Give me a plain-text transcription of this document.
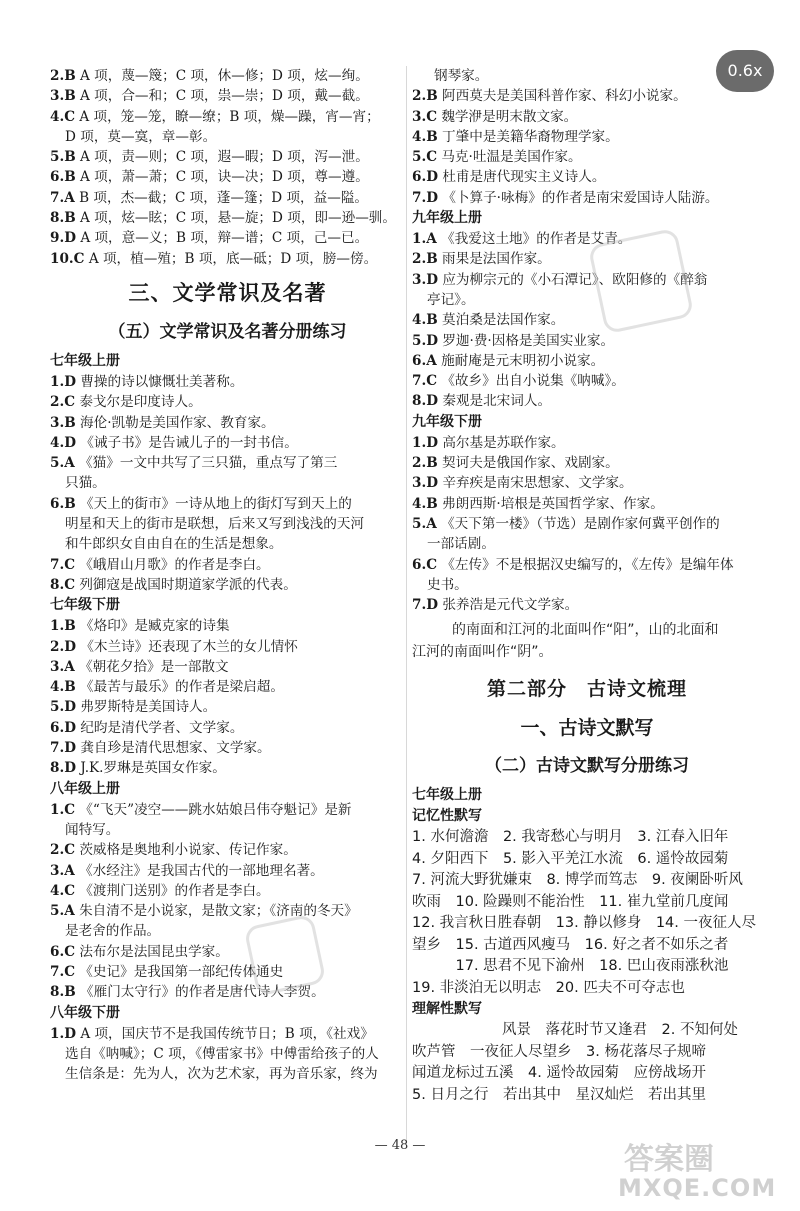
2.B A 项，蔑—篾；C 项，休—修；D 项，炫—绚。
3.B A 项，合—和；C 项，祟—崇；D 项，戴—截。
4.C A 项，笼—笼，瞭—缭；B 项，燥—躁，宵—宵；
D 项，莫—寞，章—彰。
5.B A 项，责—则；C 项，遐—暇；D 项，泻—泄。
6.B A 项，萧—萧；C 项，诀—决；D 项，尊—遵。
7.A B 项，杰—截；C 项，蓬—篷；D 项，益—隘。
8.B A 项，炫—眩；C 项，悬—旋；D 项，即—逊—驯。
9.D A 项，意—义；B 项，辩—谱；C 项，己—已。
10.C A 项，植—殖；B 项，底—砥；D 项，膀—傍。
三、文学常识及名著
（五）文学常识及名著分册练习
七年级上册
1.D 曹操的诗以慷慨壮美著称。
2.C 泰戈尔是印度诗人。
3.B 海伦·凯勒是美国作家、教育家。
4.D 《诫子书》是告诫儿子的一封书信。
5.A 《猫》一文中共写了三只猫，重点写了第三
只猫。
6.B 《天上的街市》一诗从地上的街灯写到天上的
明星和天上的街市是联想，后来又写到浅浅的天河
和牛郎织女自由自在的生活是想象。
7.C 《峨眉山月歌》的作者是李白。
8.C 列御寇是战国时期道家学派的代表。
七年级下册
1.B 《烙印》是臧克家的诗集
2.D 《木兰诗》还表现了木兰的女儿情怀
3.A 《朝花夕拾》是一部散文
4.B 《最苦与最乐》的作者是梁启超。
5.D 弗罗斯特是美国诗人。
6.D 纪昀是清代学者、文学家。
7.D 龚自珍是清代思想家、文学家。
8.D J.K.罗琳是英国女作家。
八年级上册
1.C 《“飞天”凌空——跳水姑娘吕伟夺魁记》是新
闻特写。
2.C 茨威格是奥地利小说家、传记作家。
3.A 《水经注》是我国古代的一部地理名著。
4.C 《渡荆门送别》的作者是李白。
5.A 朱自清不是小说家，是散文家；《济南的冬天》
是老舍的作品。
6.C 法布尔是法国昆虫学家。
7.C 《史记》是我国第一部纪传体通史
8.B 《雁门太守行》的作者是唐代诗人李贺。
八年级下册
1.D A 项，国庆节不是我国传统节日；B 项，《社戏》
选自《呐喊》；C 项，《傅雷家书》中傅雷给孩子的人
生信条是：先为人，次为艺术家，再为音乐家，终为
钢琴家。
2.B 阿西莫夫是美国科普作家、科幻小说家。
3.C 魏学洢是明末散文家。
4.B 丁肇中是美籍华裔物理学家。
5.C 马克·吐温是美国作家。
6.D 杜甫是唐代现实主义诗人。
7.D 《卜算子·咏梅》的作者是南宋爱国诗人陆游。
九年级上册
1.A 《我爱这土地》的作者是艾青。
2.B 雨果是法国作家。
3.D 应为柳宗元的《小石潭记》、欧阳修的《醉翁
亭记》。
4.B 莫泊桑是法国作家。
5.D 罗迦·费·因格是美国实业家。
6.A 施耐庵是元末明初小说家。
7.C 《故乡》出自小说集《呐喊》。
8.D 秦观是北宋词人。
九年级下册
1.D 高尔基是苏联作家。
2.B 契诃夫是俄国作家、戏剧家。
3.D 辛弃疾是南宋思想家、文学家。
4.B 弗朗西斯·培根是英国哲学家、作家。
5.A 《天下第一楼》（节选）是剧作家何冀平创作的
一部话剧。
6.C 《左传》不是根据汉史编写的，《左传》是编年体
史书。
7.D 张养浩是元代文学家。
的南面和江河的北面叫作“阳”，山的北面和
江河的南面叫作“阴”。
第二部分　古诗文梳理
一、古诗文默写
（二）古诗文默写分册练习
七年级上册
记忆性默写
1. 水何澹澹　2. 我寄愁心与明月　3. 江春入旧年
4. 夕阳西下　5. 影入平羌江水流　6. 遥怜故园菊
7. 河流大野犹嫌束　8. 博学而笃志　9. 夜阑卧听风
吹雨　10. 险躁则不能治性　11. 崔九堂前几度闻
12. 我言秋日胜春朝　13. 静以修身　14. 一夜征人尽
望乡　15. 古道西风瘦马　16. 好之者不如乐之者
　　　17. 思君不见下渝州　18. 巴山夜雨涨秋池
19. 非淡泊无以明志　20. 匹夫不可夺志也
理解性默写
风景　落花时节又逢君　2. 不知何处
吹芦管　一夜征人尽望乡　3. 杨花落尽子规啼
闻道龙标过五溪　4. 遥怜故园菊　应傍战场开
5. 日月之行　若出其中　星汉灿烂　若出其里
— 48 —	答案圈
MXQE.COM
0.6x
